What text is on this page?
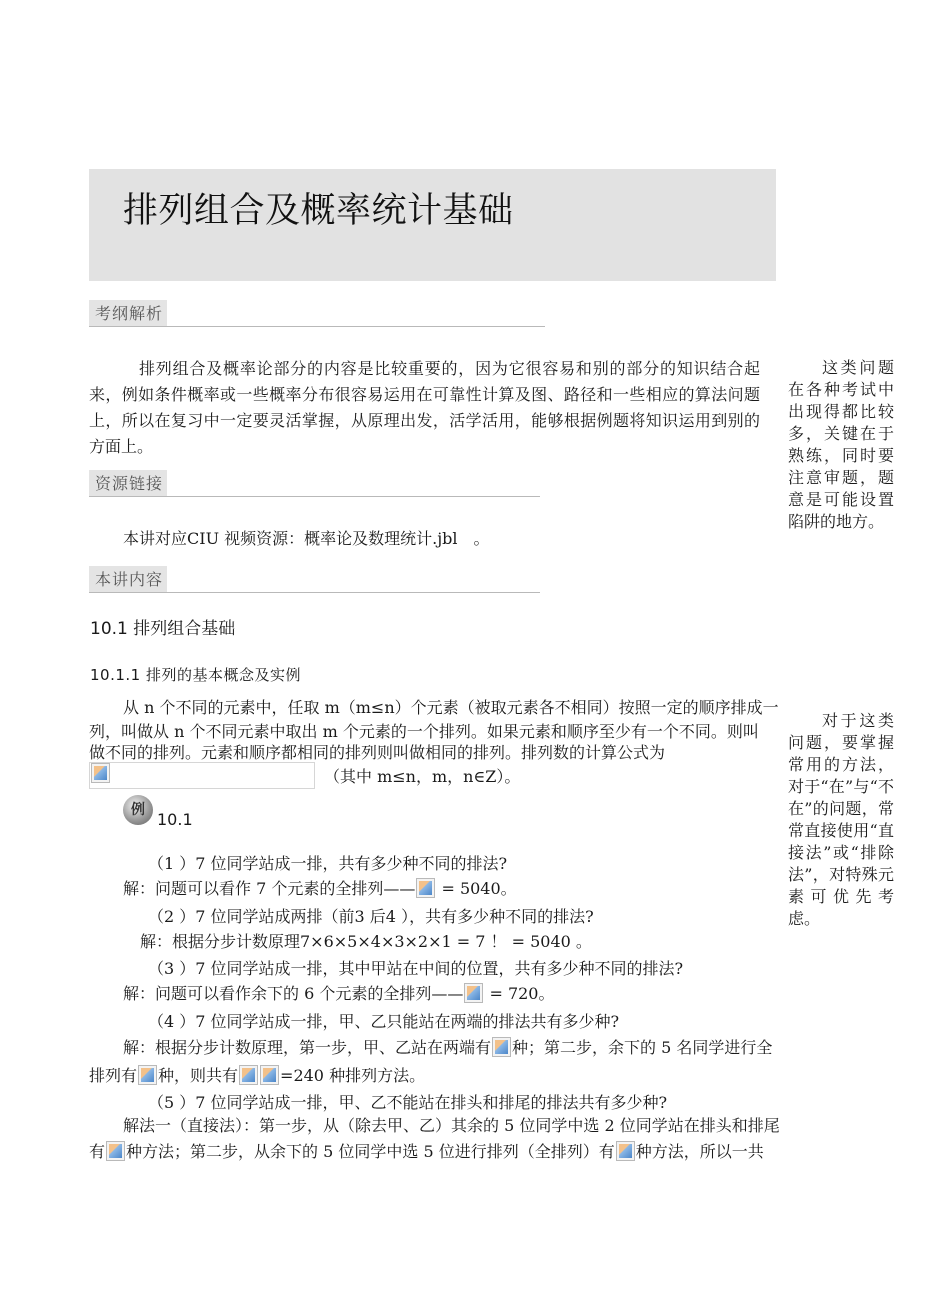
排列组合及概率统计基础
考纲解析

排列组合及概率论部分的内容是比较重要的，因为它很容易和别的部分的知识结合起来，例如条件概率或一些概率分布很容易运用在可靠性计算及图、路径和一些相应的算法问题上，所以在复习中一定要灵活掌握，从原理出发，活学活用，能够根据例题将知识运用到别的方面上。

这类问题在各种考试中出现得都比较多，关键在于熟练，同时要注意审题，题意是可能设置陷阱的地方。

资源链接

本讲对应CIU 视频资源：概率论及数理统计.jbl　。

本讲内容
10.1 排列组合基础
10.1.1 排列的基本概念及实例

从 n 个不同的元素中，任取 m（m≤n）个元素（被取元素各不相同）按照一定的顺序排成一

列，叫做从 n 个不同元素中取出 m 个元素的一个排列。如果元素和顺序至少有一个不同。则叫

做不同的排列。元素和顺序都相同的排列则叫做相同的排列。排列数的计算公式为

（其中 m≤n，m，n∈Z）。

对于这类问题，要掌握常用的方法，对于“在”与“不在”的问题，常常直接使用“直接法”或“排除法”，对特殊元素可优先考虑。

例 10.1

（1 ）7 位同学站成一排，共有多少种不同的排法?

解：问题可以看作 7 个元素的全排列—— = 5040。

（2 ）7 位同学站成两排（前3 后4 ），共有多少种不同的排法?

解：根据分步计数原理7×6×5×4×3×2×1 = 7 ！ = 5040 。

（3 ）7 位同学站成一排，其中甲站在中间的位置，共有多少种不同的排法?

解：问题可以看作余下的 6 个元素的全排列—— = 720。

（4 ）7 位同学站成一排，甲、乙只能站在两端的排法共有多少种?

解：根据分步计数原理，第一步，甲、乙站在两端有 种；第二步，余下的 5 名同学进行全

排列有 种，则共有	=240 种排列方法。

（5 ）7 位同学站成一排，甲、乙不能站在排头和排尾的排法共有多少种?

解法一（直接法）：第一步，从（除去甲、乙）其余的 5 位同学中选 2 位同学站在排头和排尾

有 种方法；第二步，从余下的 5 位同学中选 5 位进行排列（全排列）有 种方法，所以一共
